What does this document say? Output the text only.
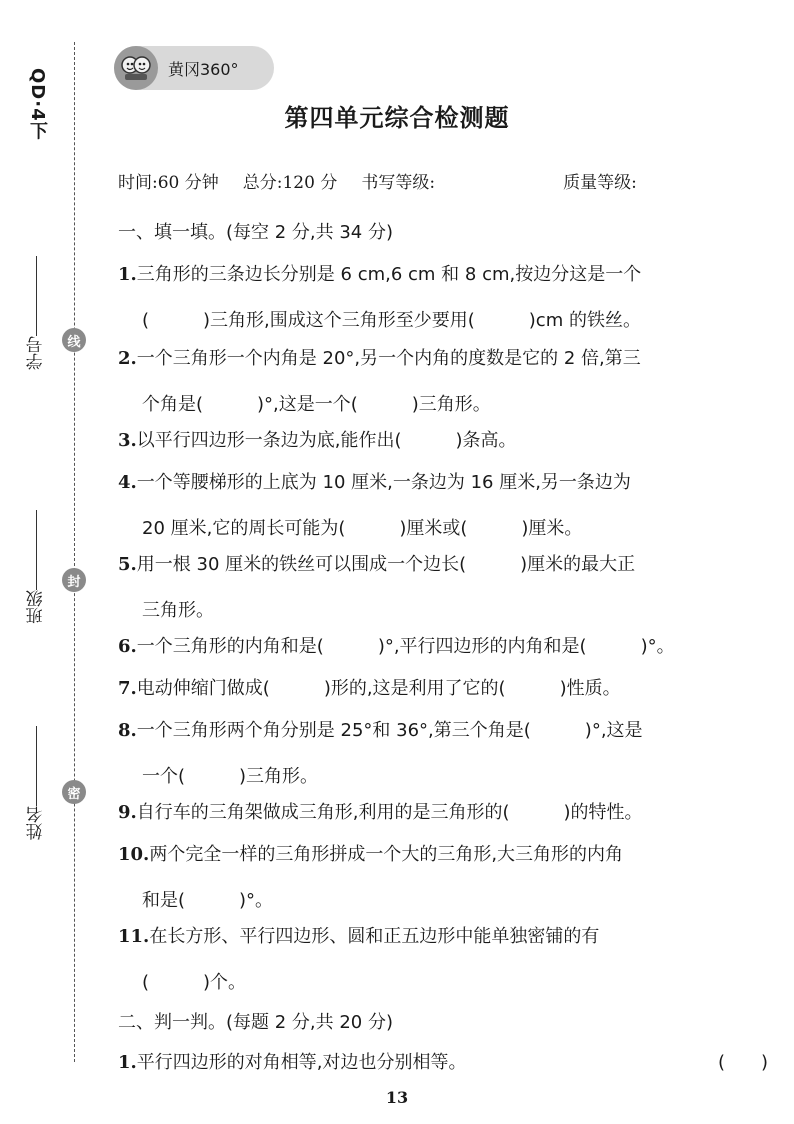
QD·4下
线
封
密
学号
班级
姓名
黄冈360°
第四单元综合检测题
时间:60 分钟 总分:120 分 书写等级:	质量等级:
一、填一填。(每空 2 分,共 34 分)
1.三角形的三条边长分别是 6 cm,6 cm 和 8 cm,按边分这是一个
(　　　)三角形,围成这个三角形至少要用(　　　)cm 的铁丝。
2.一个三角形一个内角是 20°,另一个内角的度数是它的 2 倍,第三
个角是(　　　)°,这是一个(　　　)三角形。
3.以平行四边形一条边为底,能作出(　　　)条高。
4.一个等腰梯形的上底为 10 厘米,一条边为 16 厘米,另一条边为
20 厘米,它的周长可能为(　　　)厘米或(　　　)厘米。
5.用一根 30 厘米的铁丝可以围成一个边长(　　　)厘米的最大正
三角形。
6.一个三角形的内角和是(　　　)°,平行四边形的内角和是(　　　)°。
7.电动伸缩门做成(　　　)形的,这是利用了它的(　　　)性质。
8.一个三角形两个角分别是 25°和 36°,第三个角是(　　　)°,这是
一个(　　　)三角形。
9.自行车的三角架做成三角形,利用的是三角形的(　　　)的特性。
10.两个完全一样的三角形拼成一个大的三角形,大三角形的内角
和是(　　　)°。
11.在长方形、平行四边形、圆和正五边形中能单独密铺的有
(　　　)个。
二、判一判。(每题 2 分,共 20 分)
1.平行四边形的对角相等,对边也分别相等。	(　　)
13
